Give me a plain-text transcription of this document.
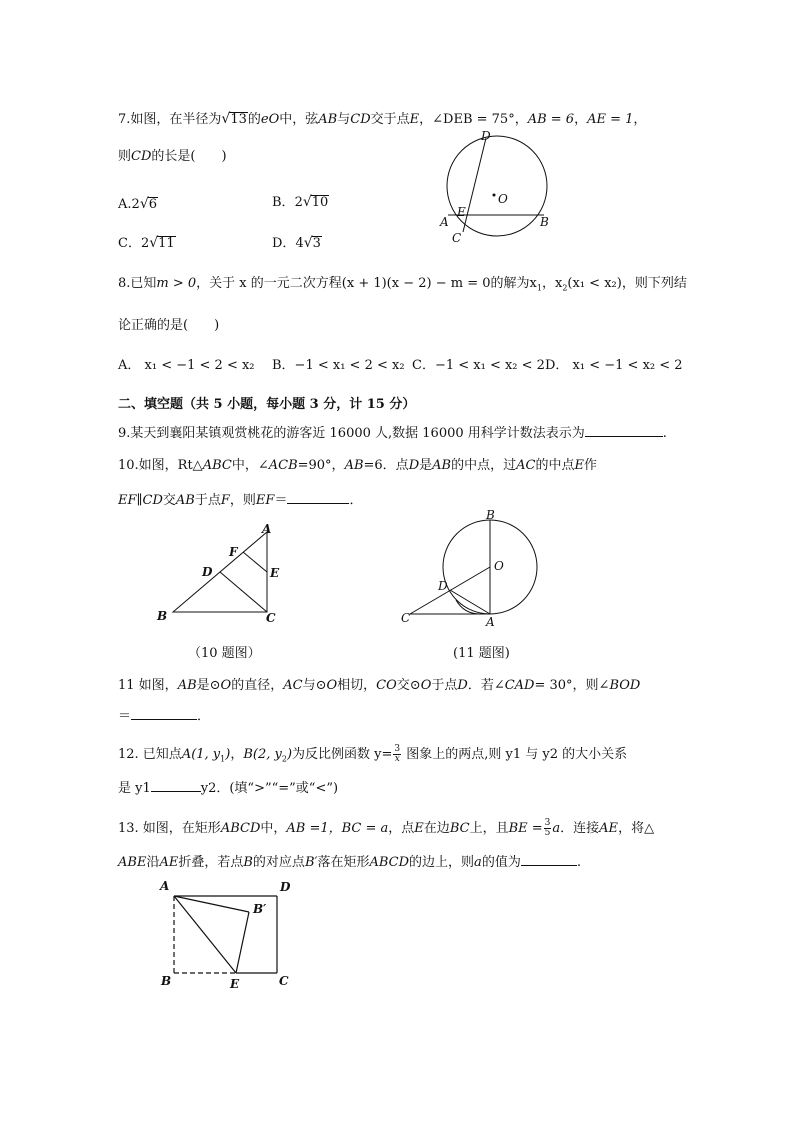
7.如图，在半径为√13的eO中，弦AB与CD交于点E，∠DEB = 75°，AB = 6，AE = 1，
则CD的长是(　　)
A.2√6	B．2√10
C．2√11	D．4√3
D
O
E
A	B
C
8.已知m > 0，关于 x 的一元二次方程(x + 1)(x − 2) − m = 0的解为$x_1$，$x_2(x_1 < x_2)$，则下列结
论正确的是(　　)
A． x₁ < −1 < 2 < x₂ B．−1 < x₁ < 2 < x₂ C．−1 < x₁ < x₂ < 2 D． x₁ < −1 < x₂ < 2
二、填空题（共 5 小题，每小题 3 分，计 15 分）
9.某天到襄阳某镇观赏桃花的游客近 16000 人,数据 16000 用科学计数法表示为	.
10.如图，Rt△ABC中，∠ACB=90°，AB=6．点D是AB的中点，过AC的中点E作
EF∥CD交AB于点F，则EF＝	．
A
F
D	E
B	C
（10 题图）
B
O
D
C	A
(11 题图)
11 如图，AB是⊙O的直径，AC与⊙O相切，CO交⊙O于点D．若∠CAD= 30°，则∠BOD
＝	．
12. 已知点A(1, $y_1$)，B(2, $y_2$)为反比例函数 $y= \frac{3}{x}$ 图象上的两点,则 y1 与 y2 的大小关系
是 y1	y2．(填“>”“=”或“<”)
13. 如图，在矩形ABCD中，AB =1，BC = a，点E在边BC上，且BE = $\frac{3}{5}$ a．连接AE，将△
ABE沿AE折叠，若点B的对应点B′落在矩形ABCD的边上，则a的值为	.
A	D
B′
B	E	C
